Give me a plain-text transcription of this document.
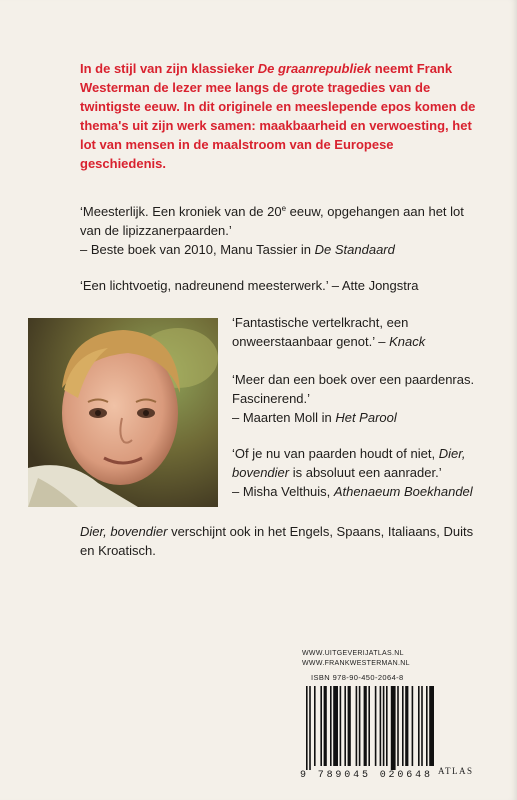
In de stijl van zijn klassieker De graanrepubliek neemt Frank Westerman de lezer mee langs de grote tragedies van de twintigste eeuw. In dit originele en meeslepende epos komen de thema's uit zijn werk samen: maakbaarheid en verwoesting, het lot van mensen in de maalstroom van de Europese geschiedenis.

‘Meesterlijk. Een kroniek van de 20e eeuw, opgehangen aan het lot van de lipizzanerpaarden.’

– Beste boek van 2010, Manu Tassier in De Standaard

‘Een lichtvoetig, nadreunend meesterwerk.’ – Atte Jongstra

‘Fantastische vertelkracht, een onweerstaanbaar genot.’ – Knack

‘Meer dan een boek over een paardenras. Fascinerend.’

– Maarten Moll in Het Parool

‘Of je nu van paarden houdt of niet, Dier, bovendier is absoluut een aanrader.’

– Misha Velthuis, Athenaeum Boekhandel

Dier, bovendier verschijnt ook in het Engels, Spaans, Italiaans, Duits en Kroatisch.

WWW.UITGEVERIJATLAS.NL
WWW.FRANKWESTERMAN.NL
ISBN 978-90-450-2064-8
9 789045 020648 ATLAS
